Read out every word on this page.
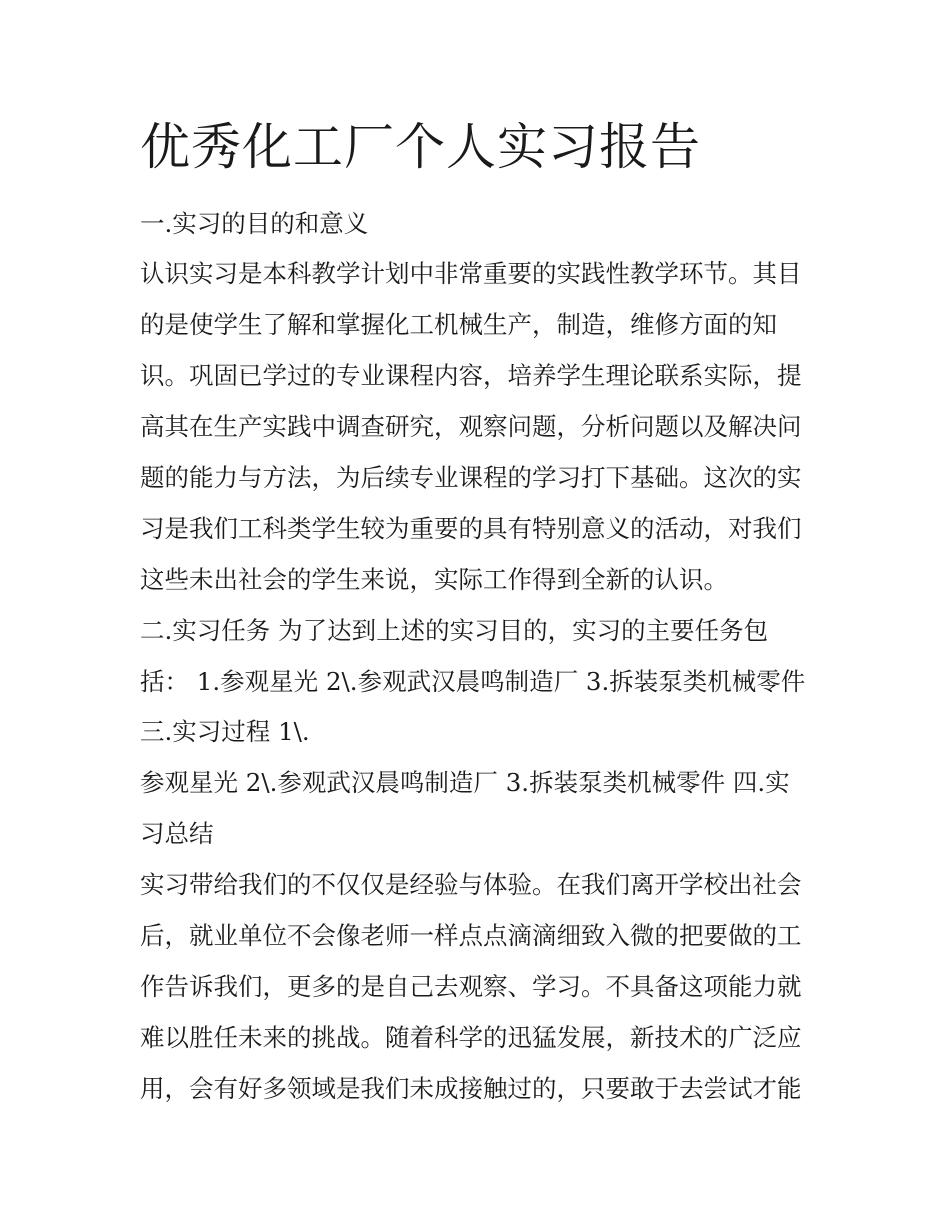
优秀化工厂个人实习报告

一.实习的目的和意义

认识实习是本科教学计划中非常重要的实践性教学环节。其目

的是使学生了解和掌握化工机械生产，制造，维修方面的知

识。巩固已学过的专业课程内容，培养学生理论联系实际，提

高其在生产实践中调查研究，观察问题，分析问题以及解决问

题的能力与方法，为后续专业课程的学习打下基础。这次的实

习是我们工科类学生较为重要的具有特别意义的活动，对我们

这些未出社会的学生来说，实际工作得到全新的认识。

二.实习任务 为了达到上述的实习目的，实习的主要任务包

括： 1.参观星光 2\.参观武汉晨鸣制造厂 3.拆装泵类机械零件

三.实习过程 1\.

参观星光 2\.参观武汉晨鸣制造厂 3.拆装泵类机械零件 四.实

习总结

实习带给我们的不仅仅是经验与体验。在我们离开学校出社会

后，就业单位不会像老师一样点点滴滴细致入微的把要做的工

作告诉我们，更多的是自己去观察、学习。不具备这项能力就

难以胜任未来的挑战。随着科学的迅猛发展，新技术的广泛应

用，会有好多领域是我们未成接触过的，只要敢于去尝试才能
